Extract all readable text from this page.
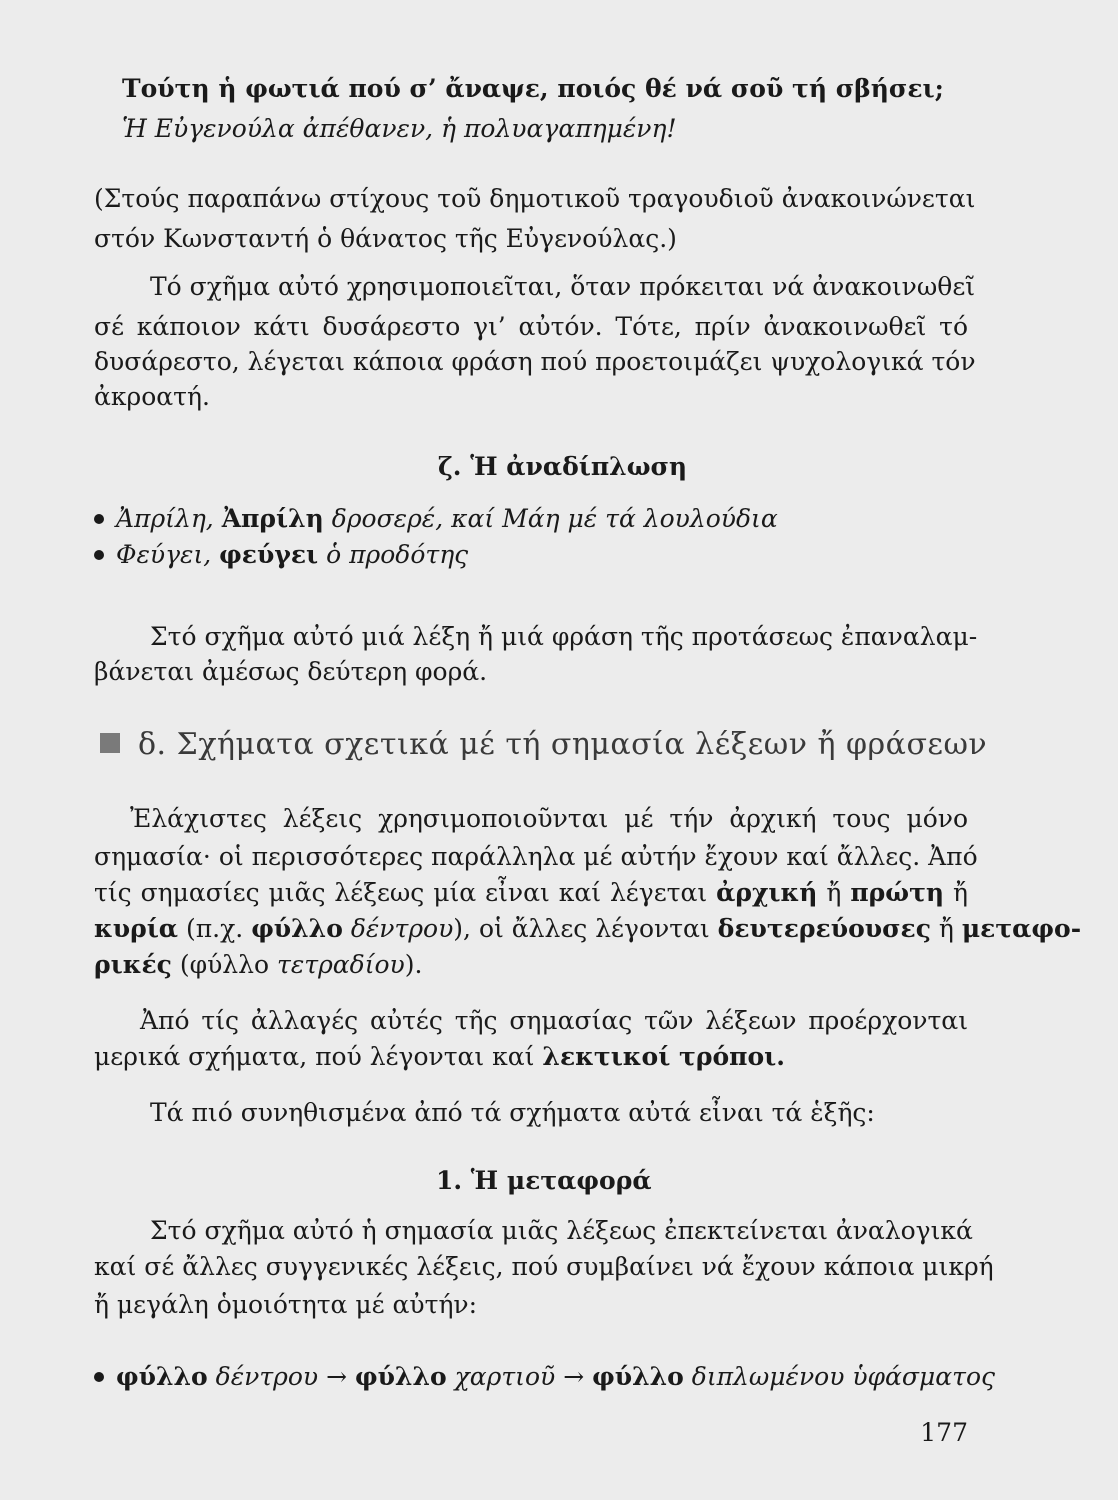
Τούτη ἡ φωτιά πού σ’ ἄναψε, ποιός θέ νά σοῦ τή σβήσει;
Ἡ Εὐγενούλα ἀπέθανεν, ἡ πολυαγαπημένη!
(Στούς παραπάνω στίχους τοῦ δημοτικοῦ τραγουδιοῦ ἀνακοινώνεται
στόν Κωνσταντή ὁ θάνατος τῆς Εὐγενούλας.)
Τό σχῆμα αὐτό χρησιμοποιεῖται, ὅταν πρόκειται νά ἀνακοινωθεῖ
σέ κάποιον κάτι δυσάρεστο γι’ αὐτόν. Τότε, πρίν ἀνακοινωθεῖ τό
δυσάρεστο, λέγεται κάποια φράση πού προετοιμάζει ψυχολογικά τόν
ἀκροατή.
ζ. Ἡ ἀναδίπλωση
Ἀπρίλη, Ἀπρίλη δροσερέ, καί Μάη μέ τά λουλούδια
Φεύγει, φεύγει ὁ προδότης
Στό σχῆμα αὐτό μιά λέξη ἤ μιά φράση τῆς προτάσεως ἐπαναλαμ-
βάνεται ἀμέσως δεύτερη φορά.
δ. Σχήματα σχετικά μέ τή σημασία λέξεων ἤ φράσεων
Ἐλάχιστες λέξεις χρησιμοποιοῦνται μέ τήν ἀρχική τους μόνο
σημασία· οἱ περισσότερες παράλληλα μέ αὐτήν ἔχουν καί ἄλλες. Ἀπό
τίς σημασίες μιᾶς λέξεως μία εἶναι καί λέγεται ἀρχική ἤ πρώτη ἤ
κυρία (π.χ. φύλλο δέντρου), οἱ ἄλλες λέγονται δευτερεύουσες ἤ μεταφο-
ρικές (φύλλο τετραδίου).
Ἀπό τίς ἀλλαγές αὐτές τῆς σημασίας τῶν λέξεων προέρχονται
μερικά σχήματα, πού λέγονται καί λεκτικοί τρόποι.
Τά πιό συνηθισμένα ἀπό τά σχήματα αὐτά εἶναι τά ἑξῆς:
1. Ἡ μεταφορά
Στό σχῆμα αὐτό ἡ σημασία μιᾶς λέξεως ἐπεκτείνεται ἀναλογικά
καί σέ ἄλλες συγγενικές λέξεις, πού συμβαίνει νά ἔχουν κάποια μικρή
ἤ μεγάλη ὁμοιότητα μέ αὐτήν:
φύλλο δέντρου → φύλλο χαρτιοῦ → φύλλο διπλωμένου ὑφάσματος
177
